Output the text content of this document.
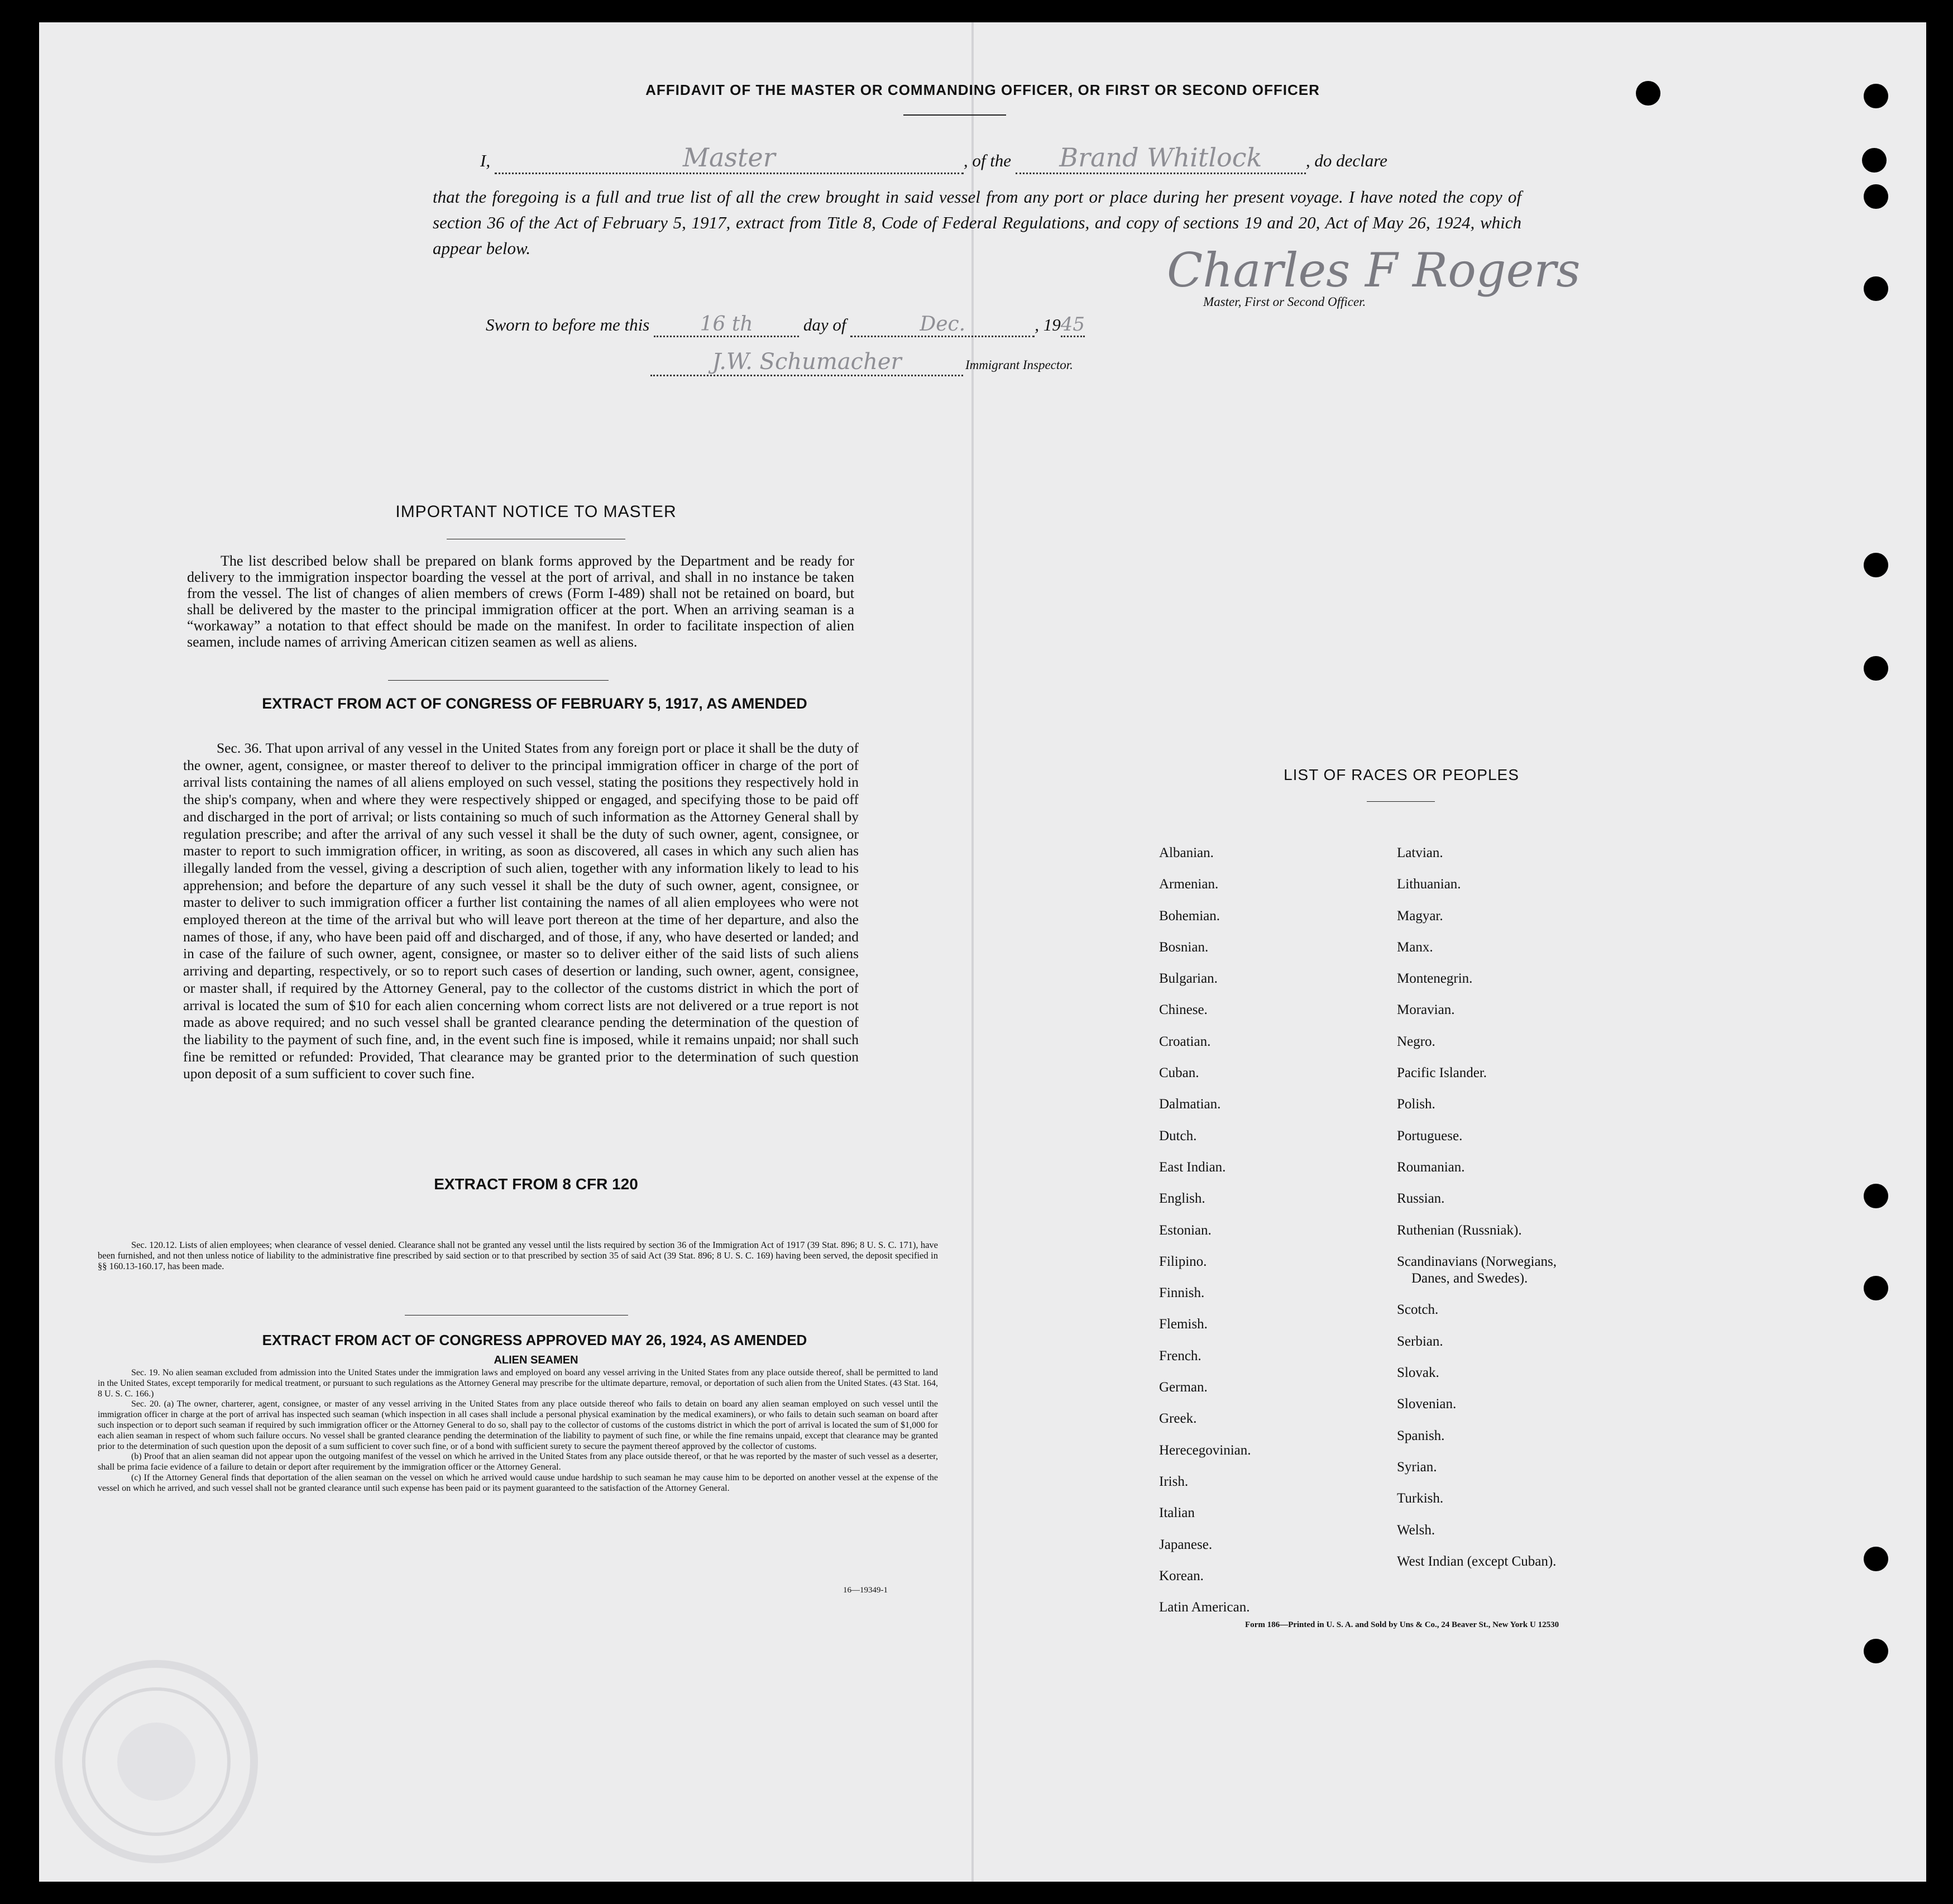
AFFIDAVIT OF THE MASTER OR COMMANDING OFFICER, OR FIRST OR SECOND OFFICER
I,	Master	, of the Brand Whitlock	, do declare
that the foregoing is a full and true list of all the crew brought in said vessel from any port or place during her present voyage. I have noted the copy of section 36 of the Act of February 5, 1917, extract from Title 8, Code of Federal Regulations, and copy of sections 19 and 20, Act of May 26, 1924, which appear below.	Charles F Rogers
Master, First or Second Officer.
Sworn to before me this	16 th	day of	Dec.	, 1945
J.W. Schumacher	Immigrant Inspector.
IMPORTANT NOTICE TO MASTER
The list described below shall be prepared on blank forms approved by the Department and be ready for delivery to the immigration inspector boarding the vessel at the port of arrival, and shall in no instance be taken from the vessel. The list of changes of alien members of crews (Form I-489) shall not be retained on board, but shall be delivered by the master to the principal immigration officer at the port. When an arriving seaman is a “workaway” a notation to that effect should be made on the manifest. In order to facilitate inspection of alien seamen, include names of arriving American citizen seamen as well as aliens.
EXTRACT FROM ACT OF CONGRESS OF FEBRUARY 5, 1917, AS AMENDED
Sec. 36. That upon arrival of any vessel in the United States from any foreign port or place it shall be the duty of the owner, agent, consignee, or master thereof to deliver to the principal immigration officer in charge of the port of arrival lists containing the names of all aliens employed on such vessel, stating the positions they respectively hold in the ship's company, when and where they were respectively shipped or engaged, and specifying those to be paid off and discharged in the port of arrival; or lists containing so much of such information as the Attorney General shall by regulation prescribe; and after the arrival of any such vessel it shall be the duty of such owner, agent, consignee, or master to report to such immigration officer, in writing, as soon as discovered, all cases in which any such alien has illegally landed from the vessel, giving a description of such alien, together with any information likely to lead to his apprehension; and before the departure of any such vessel it shall be the duty of such owner, agent, consignee, or master to deliver to such immigration officer a further list containing the names of all alien employees who were not employed thereon at the time of the arrival but who will leave port thereon at the time of her departure, and also the names of those, if any, who have been paid off and discharged, and of those, if any, who have deserted or landed; and in case of the failure of such owner, agent, consignee, or master so to deliver either of the said lists of such aliens arriving and departing, respectively, or so to report such cases of desertion or landing, such owner, agent, consignee, or master shall, if required by the Attorney General, pay to the collector of the customs district in which the port of arrival is located the sum of $10 for each alien concerning whom correct lists are not delivered or a true report is not made as above required; and no such vessel shall be granted clearance pending the determination of the question of the liability to the payment of such fine, and, in the event such fine is imposed, while it remains unpaid; nor shall such fine be remitted or refunded: Provided, That clearance may be granted prior to the determination of such question upon deposit of a sum sufficient to cover such fine.
EXTRACT FROM 8 CFR 120
Sec. 120.12. Lists of alien employees; when clearance of vessel denied. Clearance shall not be granted any vessel until the lists required by section 36 of the Immigration Act of 1917 (39 Stat. 896; 8 U. S. C. 171), have been furnished, and not then unless notice of liability to the administrative fine prescribed by said section or to that prescribed by section 35 of said Act (39 Stat. 896; 8 U. S. C. 169) having been served, the deposit specified in §§ 160.13-160.17, has been made.
EXTRACT FROM ACT OF CONGRESS APPROVED MAY 26, 1924, AS AMENDED
ALIEN SEAMEN
Sec. 19. No alien seaman excluded from admission into the United States under the immigration laws and employed on board any vessel arriving in the United States from any place outside thereof, shall be permitted to land in the United States, except temporarily for medical treatment, or pursuant to such regulations as the Attorney General may prescribe for the ultimate departure, removal, or deportation of such alien from the United States. (43 Stat. 164, 8 U. S. C. 166.)
Sec. 20. (a) The owner, charterer, agent, consignee, or master of any vessel arriving in the United States from any place outside thereof who fails to detain on board any alien seaman employed on such vessel until the immigration officer in charge at the port of arrival has inspected such seaman (which inspection in all cases shall include a personal physical examination by the medical examiners), or who fails to detain such seaman on board after such inspection or to deport such seaman if required by such immigration officer or the Attorney General to do so, shall pay to the collector of customs of the customs district in which the port of arrival is located the sum of $1,000 for each alien seaman in respect of whom such failure occurs. No vessel shall be granted clearance pending the determination of the liability to payment of such fine, or while the fine remains unpaid, except that clearance may be granted prior to the determination of such question upon the deposit of a sum sufficient to cover such fine, or of a bond with sufficient surety to secure the payment thereof approved by the collector of customs.
(b) Proof that an alien seaman did not appear upon the outgoing manifest of the vessel on which he arrived in the United States from any place outside thereof, or that he was reported by the master of such vessel as a deserter, shall be prima facie evidence of a failure to detain or deport after requirement by the immigration officer or the Attorney General.
(c) If the Attorney General finds that deportation of the alien seaman on the vessel on which he arrived would cause undue hardship to such seaman he may cause him to be deported on another vessel at the expense of the vessel on which he arrived, and such vessel shall not be granted clearance until such expense has been paid or its payment guaranteed to the satisfaction of the Attorney General.
16—19349-1
LIST OF RACES OR PEOPLES
Albanian.
Armenian.
Bohemian.
Bosnian.
Bulgarian.
Chinese.
Croatian.
Cuban.
Dalmatian.
Dutch.
East Indian.
English.
Estonian.
Filipino.
Finnish.
Flemish.
French.
German.
Greek.
Herecegovinian.
Irish.
Italian
Japanese.
Korean.
Latin American.
Latvian.
Lithuanian.
Magyar.
Manx.
Montenegrin.
Moravian.
Negro.
Pacific Islander.
Polish.
Portuguese.
Roumanian.
Russian.
Ruthenian (Russniak).
Scandinavians (Norwegians,
Danes, and Swedes).
Scotch.
Serbian.
Slovak.
Slovenian.
Spanish.
Syrian.
Turkish.
Welsh.
West Indian (except Cuban).
Form 186—Printed in U. S. A. and Sold by Uns & Co., 24 Beaver St., New York U 12530
